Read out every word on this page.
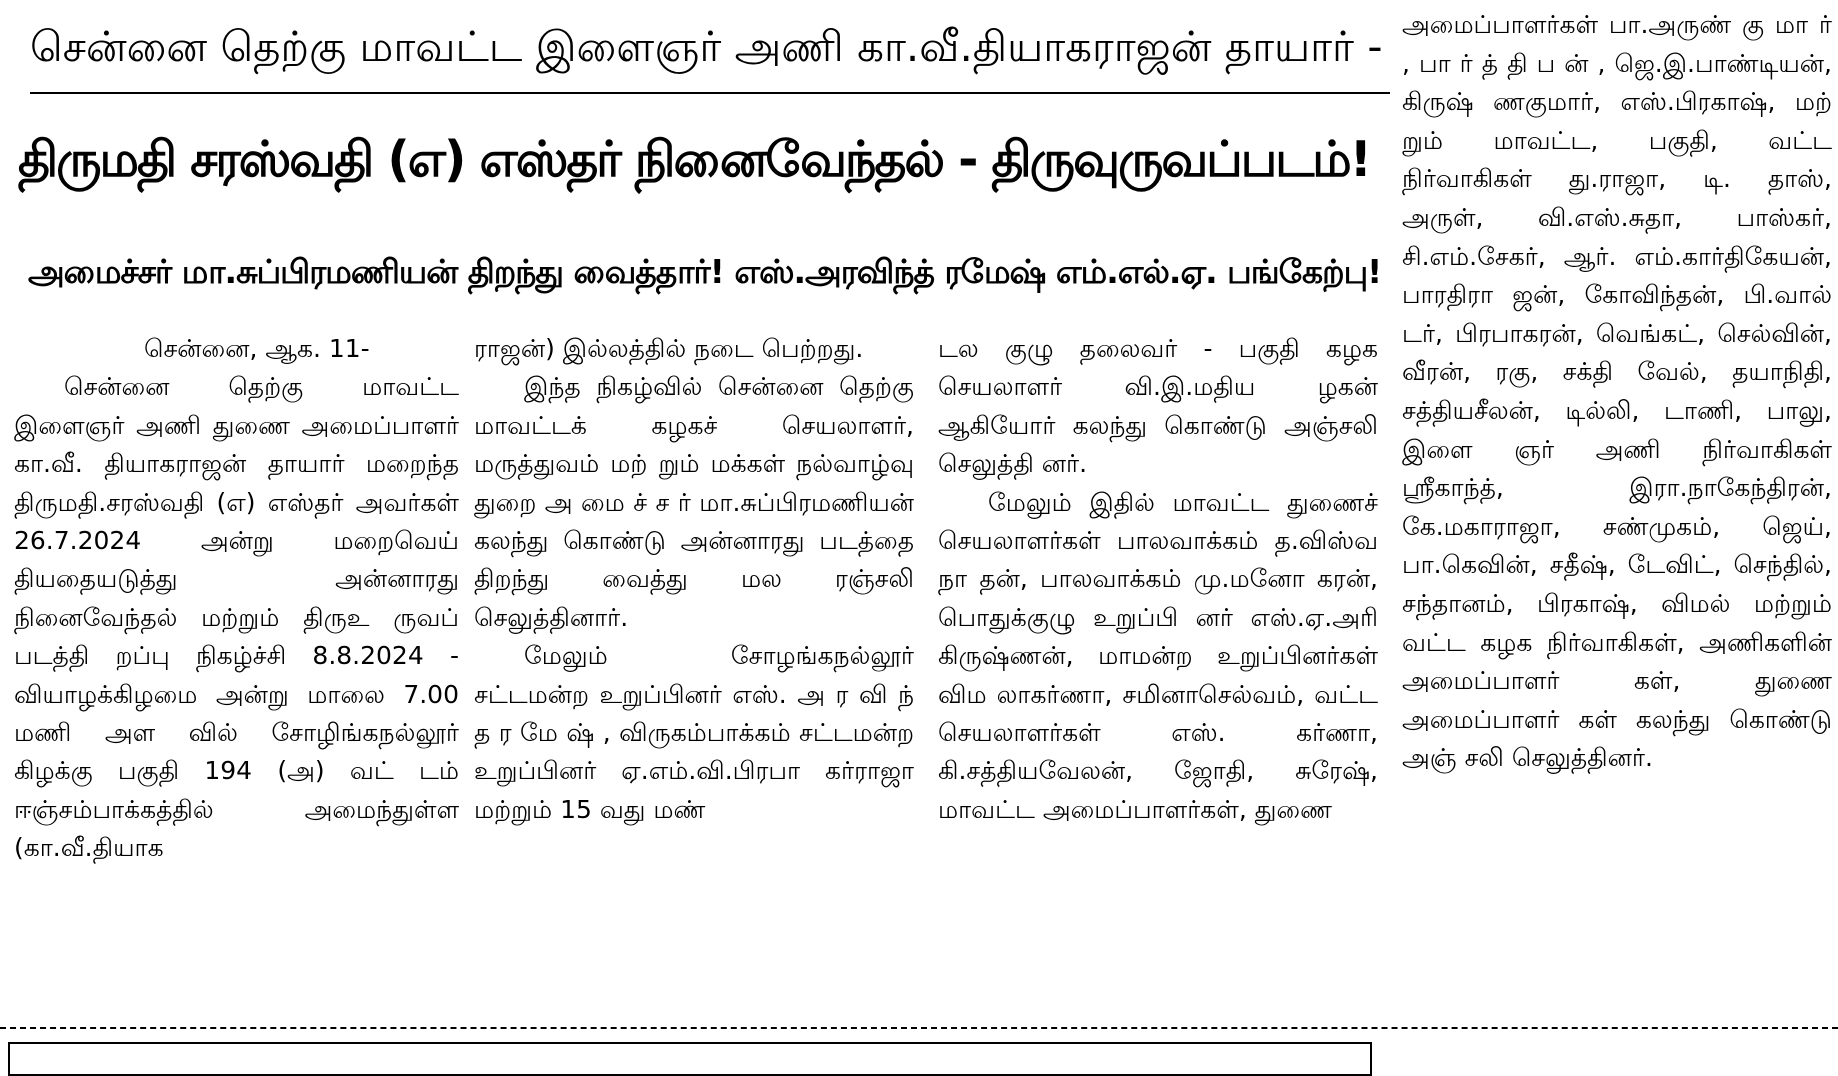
சென்னை தெற்கு மாவட்ட இளைஞர் அணி கா.வீ.தியாகராஜன் தாயார் -
திருமதி சரஸ்வதி (எ) எஸ்தர் நினைவேந்தல் - திருவுருவப்படம்!
அமைச்சர் மா.சுப்பிரமணியன் திறந்து வைத்தார்! எஸ்.அரவிந்த் ரமேஷ் எம்.எல்.ஏ. பங்கேற்பு!

சென்னை, ஆக. 11-

சென்னை தெற்கு மாவட்ட இளைஞர் அணி துணை அமைப்பாளர் கா.வீ. தியாகராஜன் தாயார் மறைந்த திருமதி.சரஸ்வதி (எ) எஸ்தர் அவர்கள் 26.7.2024 அன்று மறைவெய் தியதையடுத்து அன்னாரது நினைவேந்தல் மற்றும் திருஉ ருவப் படத்தி றப்பு நிகழ்ச்சி 8.8.2024 - வியாழக்கிழமை அன்று மாலை 7.00 மணி அள வில் சோழிங்கநல்லூர் கிழக்கு பகுதி 194 (அ) வட் டம் ஈஞ்சம்பாக்கத்தில் அமைந்துள்ள (கா.வீ.தியாக

ராஜன்) இல்லத்தில் நடை பெற்றது.

இந்த நிகழ்வில் சென்னை தெற்கு மாவட்டக் கழகச் செயலாளர், மருத்துவம் மற் றும் மக்கள் நல்வாழ்வு துறை அ மை ச் ச ர் மா.சுப்பிரமணியன் கலந்து கொண்டு அன்னாரது படத்தை திறந்து வைத்து மல ரஞ்சலி செலுத்தினார்.

மேலும் சோழங்கநல்லூர் சட்டமன்ற உறுப்பினர் எஸ். அ ர வி ந் த ர மே ஷ் , விருகம்பாக்கம் சட்டமன்ற உறுப்பினர் ஏ.எம்.வி.பிரபா கர்ராஜா மற்றும் 15 வது மண்

டல குழு தலைவர் - பகுதி கழக செயலாளர் வி.இ.மதிய ழகன் ஆகியோர் கலந்து கொண்டு அஞ்சலி செலுத்தி னர்.

மேலும் இதில் மாவட்ட துணைச் செயலாளர்கள் பாலவாக்கம் த.விஸ்வ நா தன், பாலவாக்கம் மு.மனோ கரன், பொதுக்குழு உறுப்பி னர் எஸ்.ஏ.அரி கிருஷ்ணன், மாமன்ற உறுப்பினர்கள் விம லாகர்ணா, சமினாசெல்வம், வட்ட செயலாளர்கள் எஸ். கர்ணா, கி.சத்தியவேலன், ஜோதி, சுரேஷ், மாவட்ட அமைப்பாளர்கள், துணை

அமைப்பாளர்கள் பா.அருண் கு மா ர் , பா ர் த் தி ப ன் , ஜெ.இ.பாண்டியன், கிருஷ் ணகுமார், எஸ்.பிரகாஷ், மற் றும் மாவட்ட, பகுதி, வட்ட நிர்வாகிகள் து.ராஜா, டி. தாஸ், அருள், வி.எஸ்.சுதா, பாஸ்கர், சி.எம்.சேகர், ஆர். எம்.கார்திகேயன், பாரதிரா ஜன், கோவிந்தன், பி.வால் டர், பிரபாகரன், வெங்கட், செல்வின், வீரன், ரகு, சக்தி வேல், தயாநிதி, சத்தியசீலன், டில்லி, டாணி, பாலு, இளை ஞர் அணி நிர்வாகிகள் ஸ்ரீகாந்த், இரா.நாகேந்திரன், கே.மகாராஜா, சண்முகம், ஜெய், பா.கெவின், சதீஷ், டேவிட், செந்தில், சந்தானம், பிரகாஷ், விமல் மற்றும் வட்ட கழக நிர்வாகிகள், அணிகளின் அமைப்பாளர் கள், துணை அமைப்பாளர் கள் கலந்து கொண்டு அஞ் சலி செலுத்தினர்.
